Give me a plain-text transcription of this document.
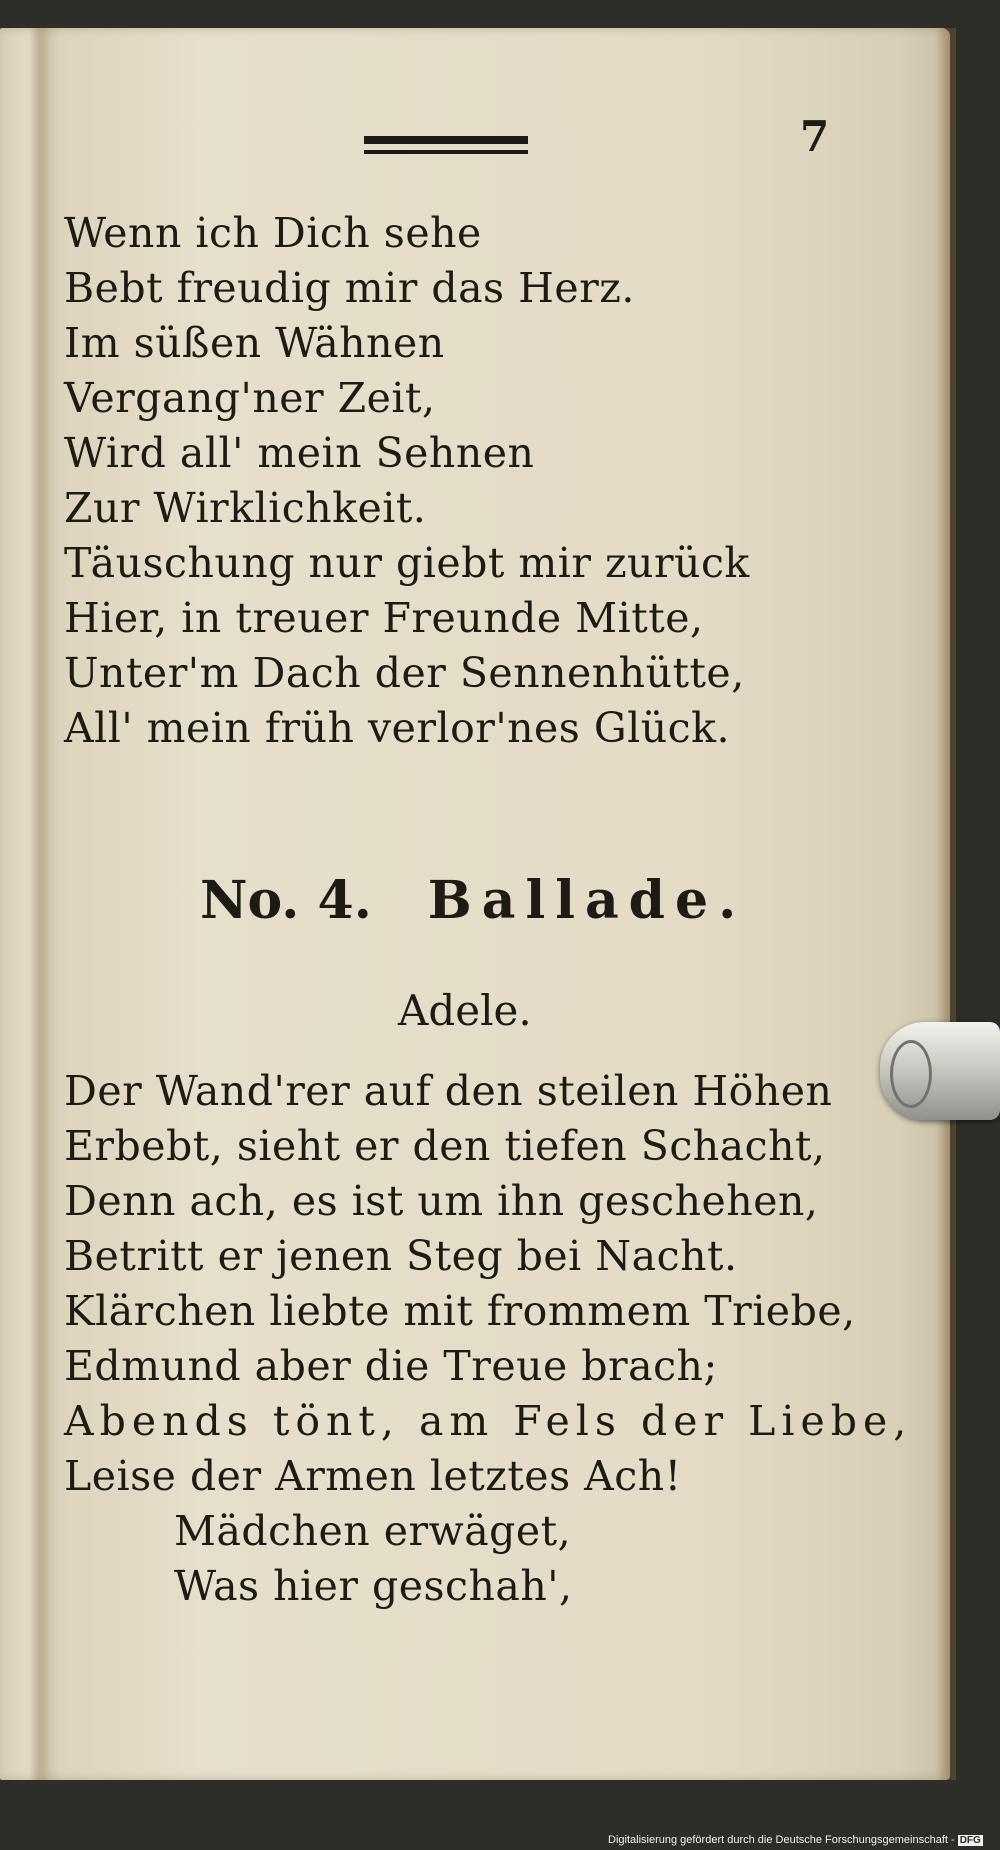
7
Wenn ich Dich sehe
Bebt freudig mir das Herz.
Im süßen Wähnen
Vergang'ner Zeit,
Wird all' mein Sehnen
Zur Wirklichkeit.
Täuschung nur giebt mir zurück
Hier, in treuer Freunde Mitte,
Unter'm Dach der Sennenhütte,
All' mein früh verlor'nes Glück.
No. 4. Ballade.
Adele.
Der Wand'rer auf den steilen Höhen
Erbebt, sieht er den tiefen Schacht,
Denn ach, es ist um ihn geschehen,
Betritt er jenen Steg bei Nacht.
Klärchen liebte mit frommem Triebe,
Edmund aber die Treue brach;
Abends tönt, am Fels der Liebe,
Leise der Armen letztes Ach!
Mädchen erwäget,
Was hier geschah',
Digitalisierung gefördert durch die Deutsche Forschungsgemeinschaft - DFG
